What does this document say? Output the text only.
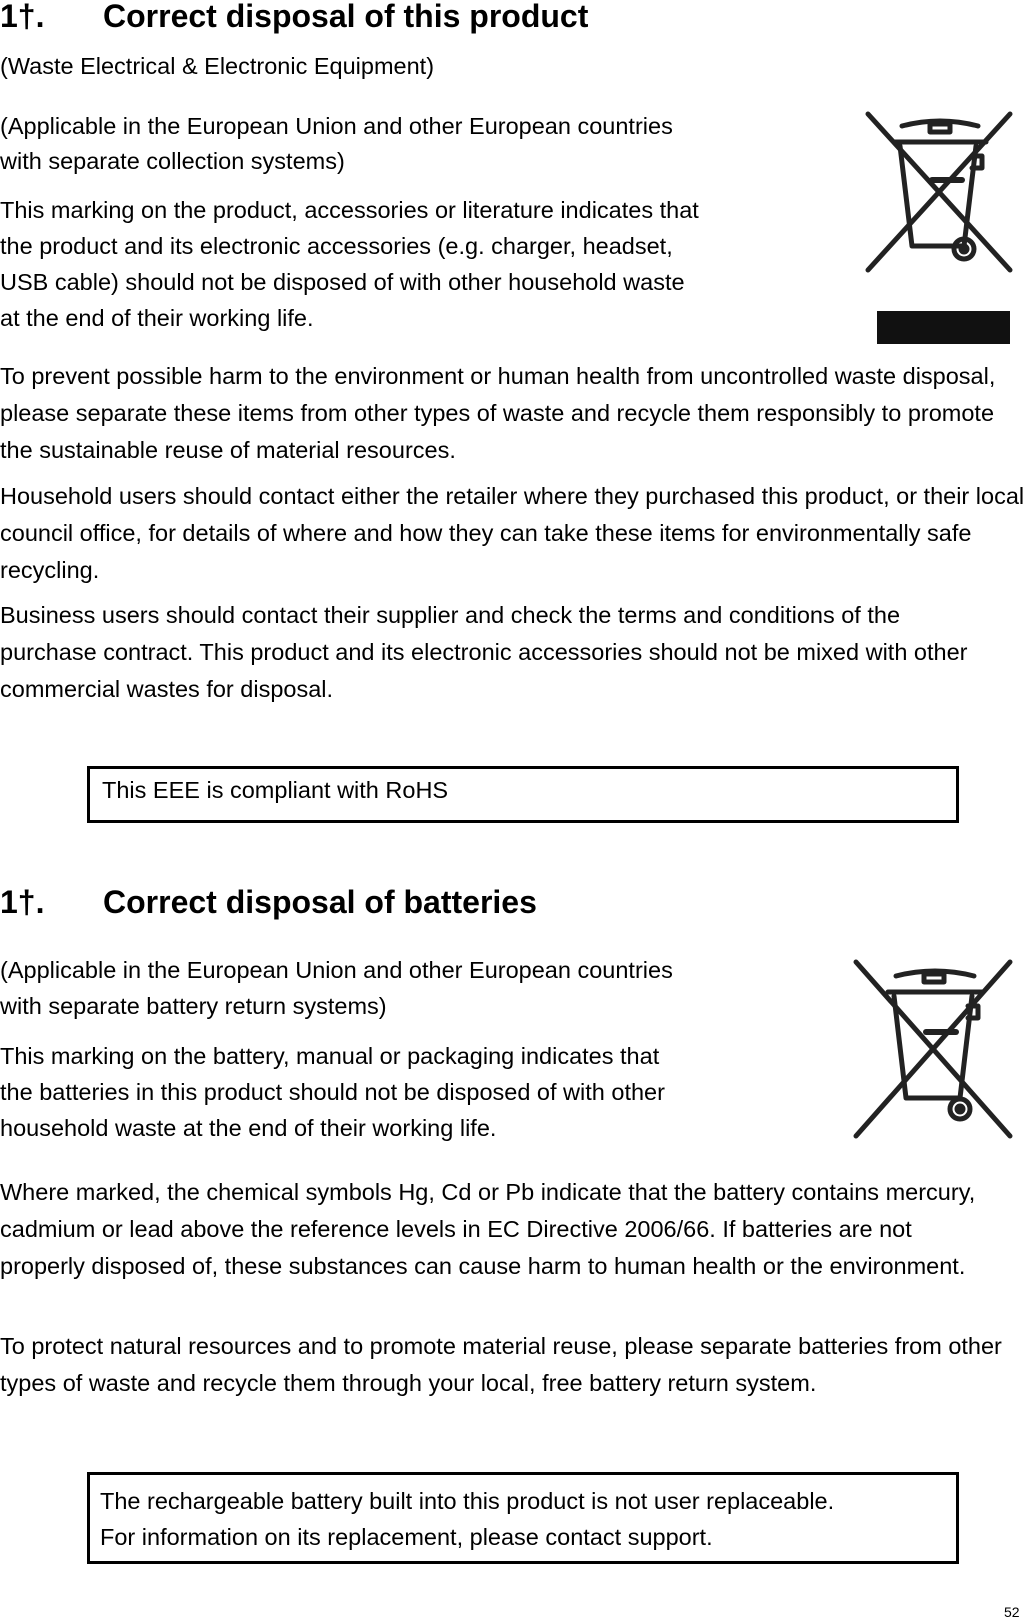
1†. Correct disposal of this product
(Waste Electrical & Electronic Equipment)
(Applicable in the European Union and other European countries
with separate collection systems)
This marking on the product, accessories or literature indicates that
the product and its electronic accessories (e.g. charger, headset,
USB cable) should not be disposed of with other household waste
at the end of their working life.

To prevent possible harm to the environment or human health from uncontrolled waste disposal, please separate these items from other types of waste and recycle them responsibly to promote the sustainable reuse of material resources.

Household users should contact either the retailer where they purchased this product, or their local council office, for details of where and how they can take these items for environmentally safe recycling.

Business users should contact their supplier and check the terms and conditions of the purchase contract. This product and its electronic accessories should not be mixed with other commercial wastes for disposal.

This EEE is compliant with RoHS
1†. Correct disposal of batteries
(Applicable in the European Union and other European countries
with separate battery return systems)
This marking on the battery, manual or packaging indicates that
the batteries in this product should not be disposed of with other
household waste at the end of their working life.

Where marked, the chemical symbols Hg, Cd or Pb indicate that the battery contains mercury, cadmium or lead above the reference levels in EC Directive 2006/66. If batteries are not properly disposed of, these substances can cause harm to human health or the environment.

To protect natural resources and to promote material reuse, please separate batteries from other types of waste and recycle them through your local, free battery return system.

The rechargeable battery built into this product is not user replaceable.
For information on its replacement, please contact support.
52
